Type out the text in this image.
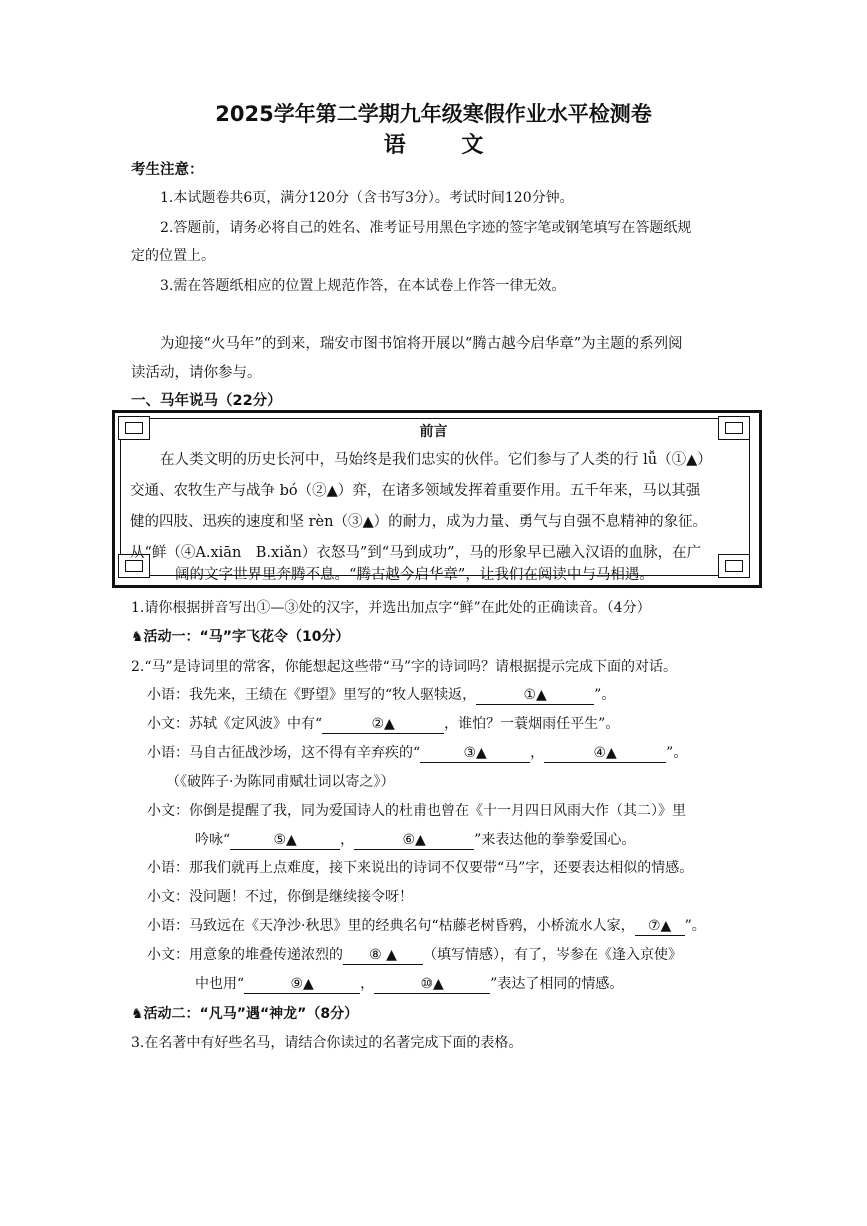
2025学年第二学期九年级寒假作业水平检测卷
语 文
考生注意：
1.本试题卷共6页，满分120分（含书写3分）。考试时间120分钟。
2.答题前，请务必将自己的姓名、准考证号用黑色字迹的签字笔或钢笔填写在答题纸规
定的位置上。
3.需在答题纸相应的位置上规范作答，在本试卷上作答一律无效。
为迎接“火马年”的到来，瑞安市图书馆将开展以“腾古越今启华章”为主题的系列阅
读活动，请你参与。
一、马年说马（22分）
前言
在人类文明的历史长河中，马始终是我们忠实的伙伴。它们参与了人类的行 lǚ（①▲）
交通、农牧生产与战争 bó（②▲）弈，在诸多领域发挥着重要作用。五千年来，马以其强
健的四肢、迅疾的速度和坚 rèn（③▲）的耐力，成为力量、勇气与自强不息精神的象征。
从“鲜（④A.xiān　B.xiǎn）衣怒马”到“马到成功”，马的形象早已融入汉语的血脉，在广
阔的文字世界里奔腾不息。“腾古越今启华章”，让我们在阅读中与马相遇。
1.请你根据拼音写出①—③处的汉字，并选出加点字“鲜”在此处的正确读音。（4分）
♞活动一：“马”字飞花令（10分）
2.“马”是诗词里的常客，你能想起这些带“马”字的诗词吗？请根据提示完成下面的对话。
小语：我先来，王绩在《野望》里写的“牧人驱犊返，	①▲	”。
小文：苏轼《定风波》中有“	②▲	，谁怕？一蓑烟雨任平生”。
小语：马自古征战沙场，这不得有辛弃疾的“	③▲	，	④▲	”。
（《破阵子·为陈同甫赋壮词以寄之》）
小文：你倒是提醒了我，同为爱国诗人的杜甫也曾在《十一月四日风雨大作（其二）》里
吟咏“	⑤▲	，	⑥▲	”来表达他的拳拳爱国心。
小语：那我们就再上点难度，接下来说出的诗词不仅要带“马”字，还要表达相似的情感。
小文：没问题！不过，你倒是继续接令呀！
小语：马致远在《天净沙·秋思》里的经典名句“枯藤老树昏鸦，小桥流水人家， ⑦▲ ”。
小文：用意象的堆叠传递浓烈的 ⑧ ▲ （填写情感），有了，岑参在《逢入京使》
中也用“	⑨▲	，	⑩▲	”表达了相同的情感。
♞活动二：“凡马”遇“神龙”（8分）
3.在名著中有好些名马，请结合你读过的名著完成下面的表格。
